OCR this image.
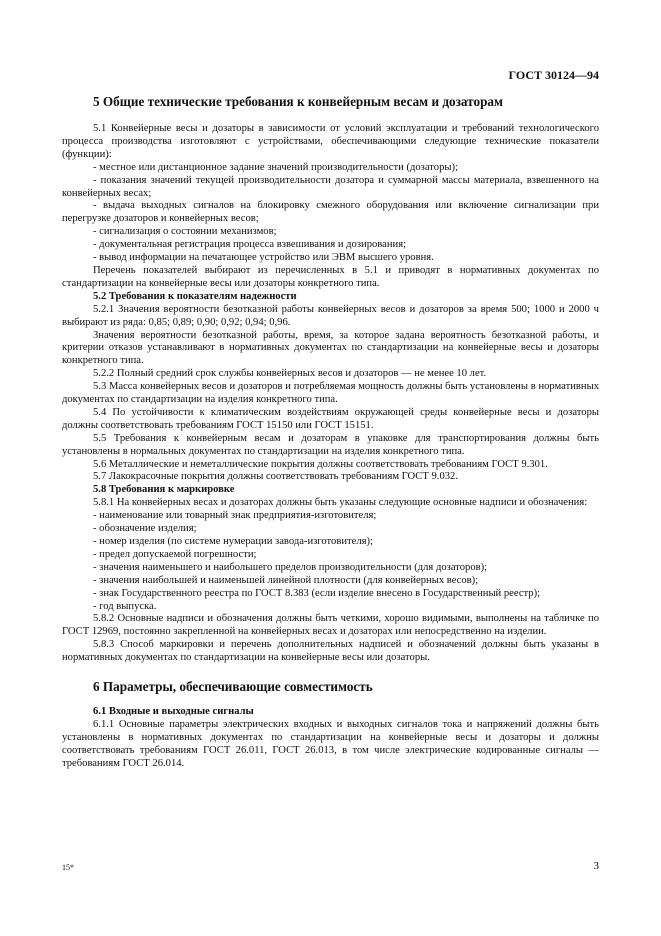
ГОСТ 30124—94
5 Общие технические требования к конвейерным весам и дозаторам

5.1 Конвейерные весы и дозаторы в зависимости от условий эксплуатации и требований технологического процесса производства изготовляют с устройствами, обеспечивающими следующие технические показатели (функции):

- местное или дистанционное задание значений производительности (дозаторы);

- показания значений текущей производительности дозатора и суммарной массы материала, взвешенного на конвейерных весах;

- выдача выходных сигналов на блокировку смежного оборудования или включение сигнализации при перегрузке дозаторов и конвейерных весов;

- сигнализация о состоянии механизмов;

- документальная регистрация процесса взвешивания и дозирования;

- вывод информации на печатающее устройство или ЭВМ высшего уровня.

Перечень показателей выбирают из перечисленных в 5.1 и приводят в нормативных документах по стандартизации на конвейерные весы или дозаторы конкретного типа.

5.2 Требования к показателям надежности

5.2.1 Значения вероятности безотказной работы конвейерных весов и дозаторов за время 500; 1000 и 2000 ч выбирают из ряда: 0,85; 0,89; 0,90; 0,92; 0,94; 0,96.

Значения вероятности безотказной работы, время, за которое задана вероятность безотказной работы, и критерии отказов устанавливают в нормативных документах по стандартизации на конвейерные весы и дозаторы конкретного типа.

5.2.2 Полный средний срок службы конвейерных весов и дозаторов — не менее 10 лет.

5.3 Масса конвейерных весов и дозаторов и потребляемая мощность должны быть установлены в нормативных документах по стандартизации на изделия конкретного типа.

5.4 По устойчивости к климатическим воздействиям окружающей среды конвейерные весы и дозаторы должны соответствовать требованиям ГОСТ 15150 или ГОСТ 15151.

5.5 Требования к конвейерным весам и дозаторам в упаковке для транспортирования должны быть установлены в нормальных документах по стандартизации на изделия конкретного типа.

5.6 Металлические и неметаллические покрытия должны соответствовать требованиям ГОСТ 9.301.

5.7 Лакокрасочные покрытия должны соответствовать требованиям ГОСТ 9.032.

5.8 Требования к маркировке

5.8.1 На конвейерных весах и дозаторах должны быть указаны следующие основные надписи и обозначения:

- наименование или товарный знак предприятия-изготовителя;

- обозначение изделия;

- номер изделия (по системе нумерации завода-изготовителя);

- предел допускаемой погрешности;

- значения наименьшего и наибольшего пределов производительности (для дозаторов);

- значения наибольшей и наименьшей линейной плотности (для конвейерных весов);

- знак Государственного реестра по ГОСТ 8.383 (если изделие внесено в Государственный реестр);

- год выпуска.

5.8.2 Основные надписи и обозначения должны быть четкими, хорошо видимыми, выполнены на табличке по ГОСТ 12969, постоянно закрепленной на конвейерных весах и дозаторах или непосредственно на изделии.

5.8.3 Способ маркировки и перечень дополнительных надписей и обозначений должны быть указаны в нормативных документах по стандартизации на конвейерные весы или дозаторы.

6 Параметры, обеспечивающие совместимость

6.1 Входные и выходные сигналы

6.1.1 Основные параметры электрических входных и выходных сигналов тока и напряжений должны быть установлены в нормативных документах по стандартизации на конвейерные весы и дозаторы и должны соответствовать требованиям ГОСТ 26.011, ГОСТ 26.013, в том числе электрические кодированные сигналы — требованиям ГОСТ 26.014.

15*	3
